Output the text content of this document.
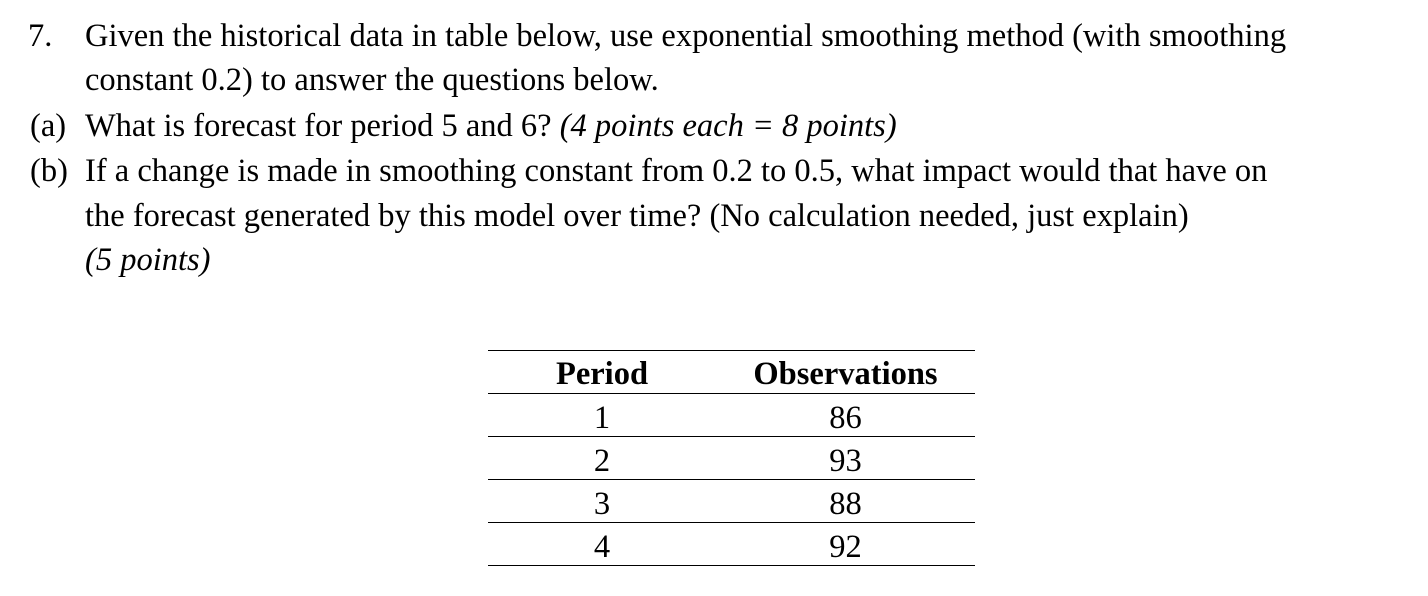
7. Given the historical data in table below, use exponential smoothing method (with smoothing
constant 0.2) to answer the questions below.
(a) What is forecast for period 5 and 6? (4 points each = 8 points)
(b) If a change is made in smoothing constant from 0.2 to 0.5, what impact would that have on
the forecast generated by this model over time? (No calculation needed, just explain)
(5 points)
Period	Observations
1	86
2	93
3	88
4	92
